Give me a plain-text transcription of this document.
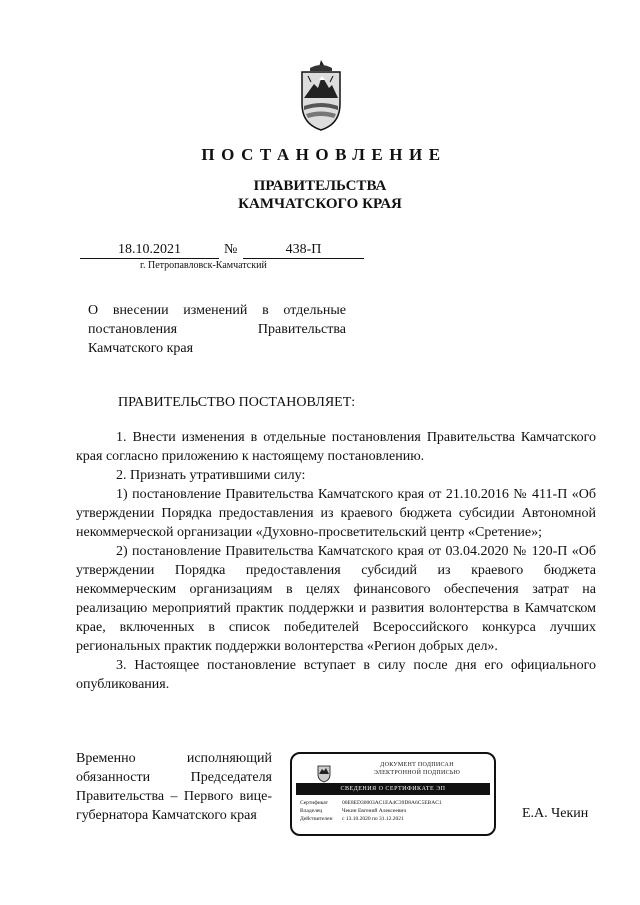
ПОСТАНОВЛЕНИЕ
ПРАВИТЕЛЬСТВА
КАМЧАТСКОГО КРАЯ
18.10.2021	№	438-П
г. Петропавловск-Камчатский
О внесении изменений в отдельные постановления Правительства Камчатского края
ПРАВИТЕЛЬСТВО ПОСТАНОВЛЯЕТ:

1. Внести изменения в отдельные постановления Правительства Камчатского края согласно приложению к настоящему постановлению.

2. Признать утратившими силу:

1) постановление Правительства Камчатского края от 21.10.2016 № 411-П «Об утверждении Порядка предоставления из краевого бюджета субсидии Автономной некоммерческой организации «Духовно-просветительский центр «Сретение»;

2) постановление Правительства Камчатского края от 03.04.2020 № 120-П «Об утверждении Порядка предоставления субсидий из краевого бюджета некоммерческим организациям в целях финансового обеспечения затрат на реализацию мероприятий практик поддержки и развития волонтерства в Камчатском крае, включенных в список победителей Всероссийского конкурса лучших региональных практик поддержки волонтерства «Регион добрых дел».

3. Настоящее постановление вступает в силу после дня его официального опубликования.

Временно исполняющий
обязанности Председателя
Правительства – Первого вице-
губернатора Камчатского края
ДОКУМЕНТ ПОДПИСАН
ЭЛЕКТРОННОЙ ПОДПИСЬЮ
СВЕДЕНИЯ О СЕРТИФИКАТЕ ЭП
Сертификат	00E8ED30003AC1EA4C39D8A6C5EBAC1
Владелец	Чекин Евгений Алексеевич
Действителен с 13.10.2020 по 31.12.2021	Е.А. Чекин
